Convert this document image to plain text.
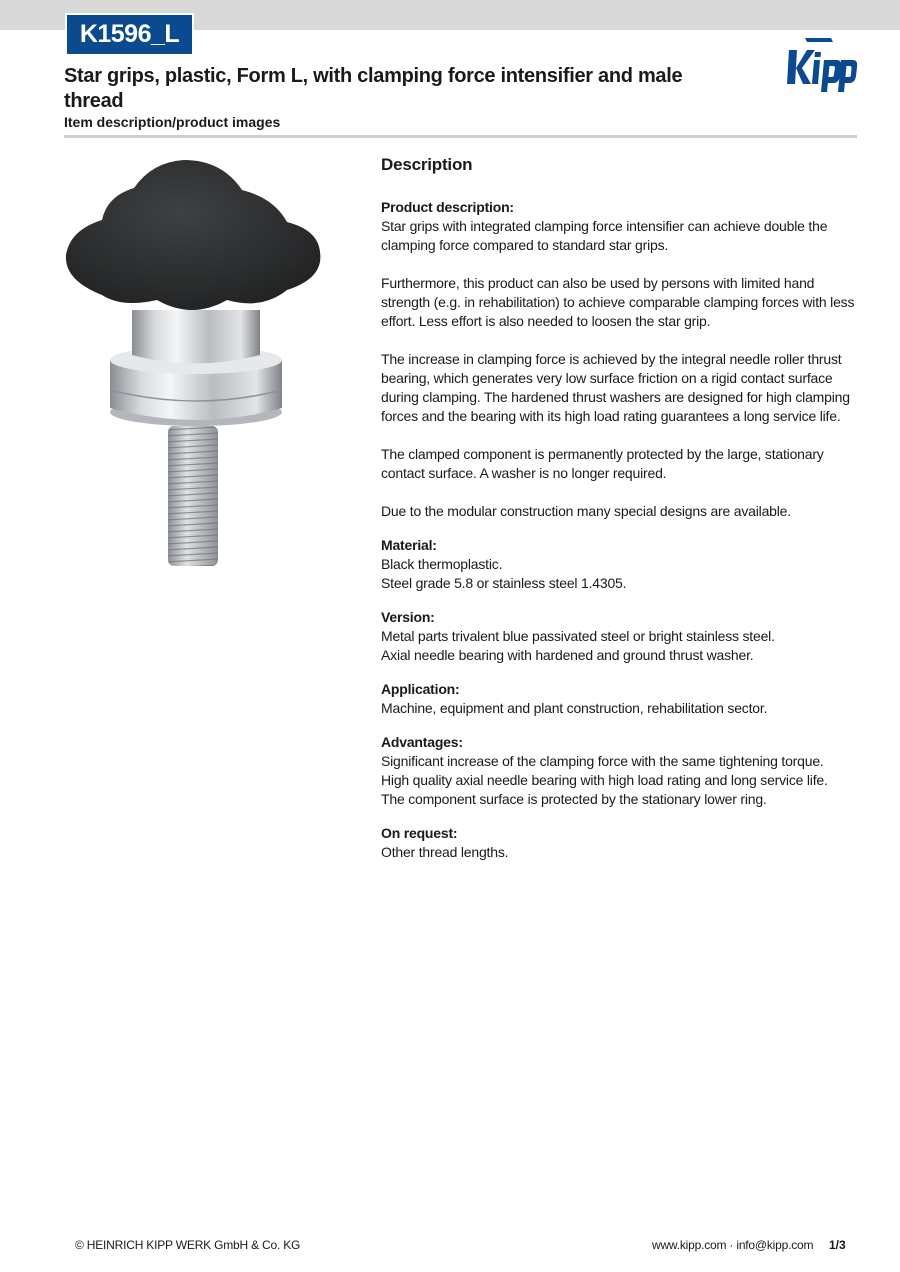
K1596_L
Star grips, plastic, Form L, with clamping force intensifier and male thread
Item description/product images
Description

Product description:

Star grips with integrated clamping force intensifier can achieve double the clamping force compared to standard star grips.

Furthermore, this product can also be used by persons with limited hand strength (e.g. in rehabilitation) to achieve comparable clamping forces with less effort. Less effort is also needed to loosen the star grip.

The increase in clamping force is achieved by the integral needle roller thrust bearing, which generates very low surface friction on a rigid contact surface during clamping. The hardened thrust washers are designed for high clamping forces and the bearing with its high load rating guarantees a long service life.

The clamped component is permanently protected by the large, stationary contact surface. A washer is no longer required.

Due to the modular construction many special designs are available.

Material:

Black thermoplastic.

Steel grade 5.8 or stainless steel 1.4305.

Version:

Metal parts trivalent blue passivated steel or bright stainless steel.

Axial needle bearing with hardened and ground thrust washer.

Application:

Machine, equipment and plant construction, rehabilitation sector.

Advantages:

Significant increase of the clamping force with the same tightening torque.

High quality axial needle bearing with high load rating and long service life.

The component surface is protected by the stationary lower ring.

On request:

Other thread lengths.

© HEINRICH KIPP WERK GmbH & Co. KG	www.kipp.com · info@kipp.com 1/3
